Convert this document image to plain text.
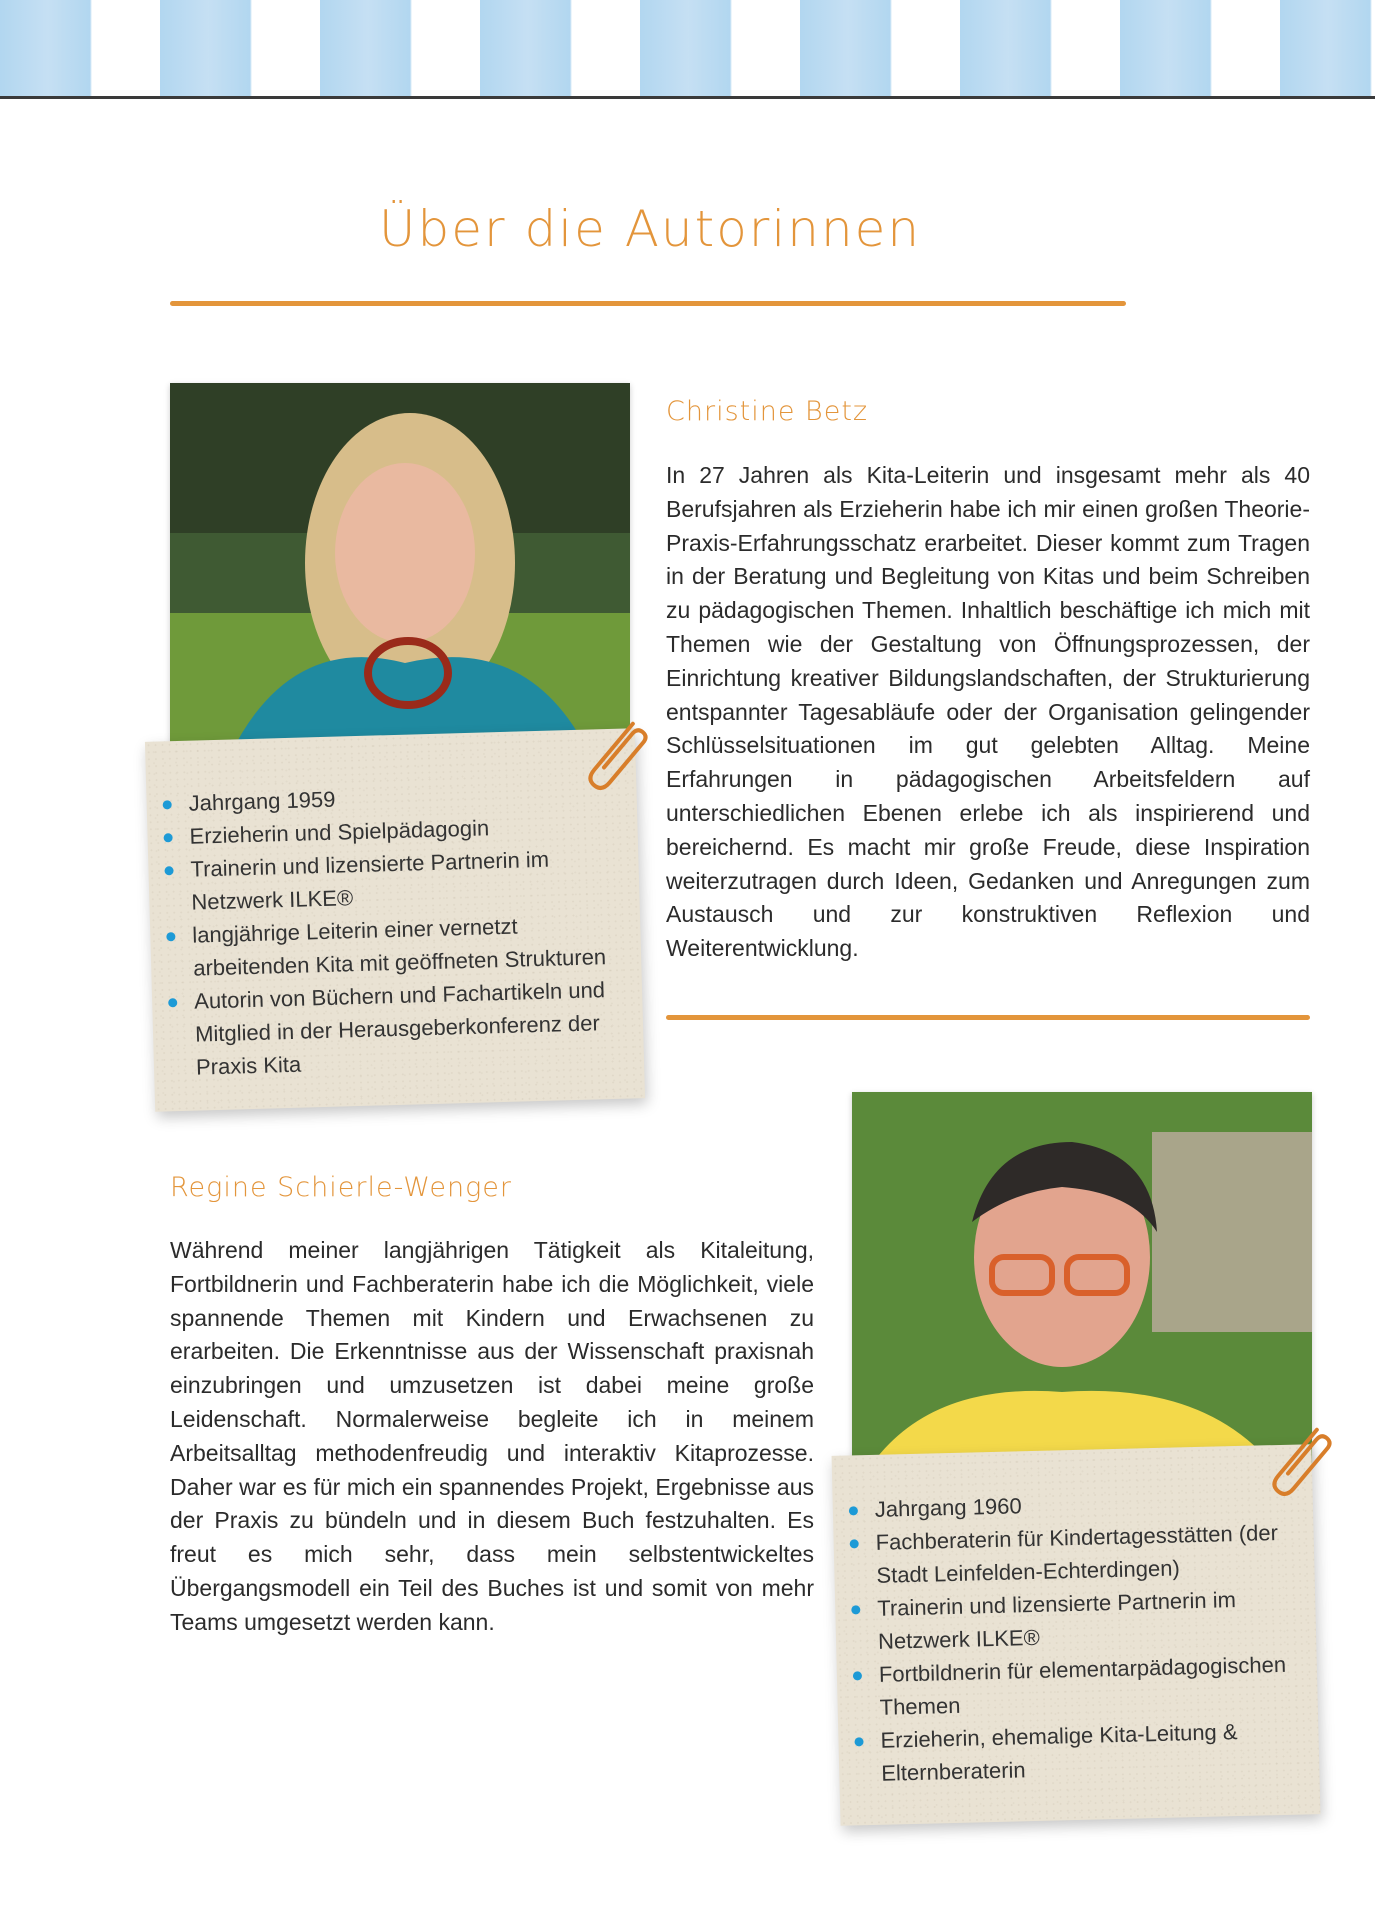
Über die Autorinnen
Jahrgang 1959
Erzieherin und Spielpädagogin
Trainerin und lizensierte Partnerin im Netzwerk ILKE®
langjährige Leiterin einer vernetzt arbeitenden Kita mit geöffneten Strukturen
Autorin von Büchern und Fachartikeln und Mitglied in der Herausgeberkonferenz der Praxis Kita
Christine Betz

In 27 Jahren als Kita-Leiterin und insgesamt mehr als 40 Berufsjahren als Erzieherin habe ich mir einen großen Theorie-Praxis-Erfahrungsschatz erarbeitet. Dieser kommt zum Tragen in der Beratung und Begleitung von Kitas und beim Schreiben zu pädagogischen Themen. Inhaltlich beschäftige ich mich mit Themen wie der Gestaltung von Öffnungsprozessen, der Einrichtung kreativer Bildungslandschaften, der Strukturierung entspannter Tagesabläufe oder der Organisation gelingender Schlüsselsituationen im gut gelebten Alltag. Meine Erfahrungen in pädagogischen Arbeitsfeldern auf unterschiedlichen Ebenen erlebe ich als inspirierend und bereichernd. Es macht mir große Freude, diese Inspiration weiterzutragen durch Ideen, Gedanken und Anregungen zum Austausch und zur konstruktiven Reflexion und Weiterentwicklung.

Regine Schierle-Wenger

Während meiner langjährigen Tätigkeit als Kitaleitung, Fortbildnerin und Fachberaterin habe ich die Möglichkeit, viele spannende Themen mit Kindern und Erwachsenen zu erarbeiten. Die Erkenntnisse aus der Wissenschaft praxisnah einzubringen und umzusetzen ist dabei meine große Leidenschaft. Normalerweise begleite ich in meinem Arbeitsalltag methodenfreudig und interaktiv Kitaprozesse. Daher war es für mich ein spannendes Projekt, Ergebnisse aus der Praxis zu bündeln und in diesem Buch festzuhalten. Es freut es mich sehr, dass mein selbstentwickeltes Übergangsmodell ein Teil des Buches ist und somit von mehr Teams umgesetzt werden kann.

Jahrgang 1960
Fachberaterin für Kindertagesstätten (der Stadt Leinfelden-Echterdingen)
Trainerin und lizensierte Partnerin im Netzwerk ILKE®
Fortbildnerin für elementarpädagogischen Themen
Erzieherin, ehemalige Kita-Leitung & Elternberaterin
